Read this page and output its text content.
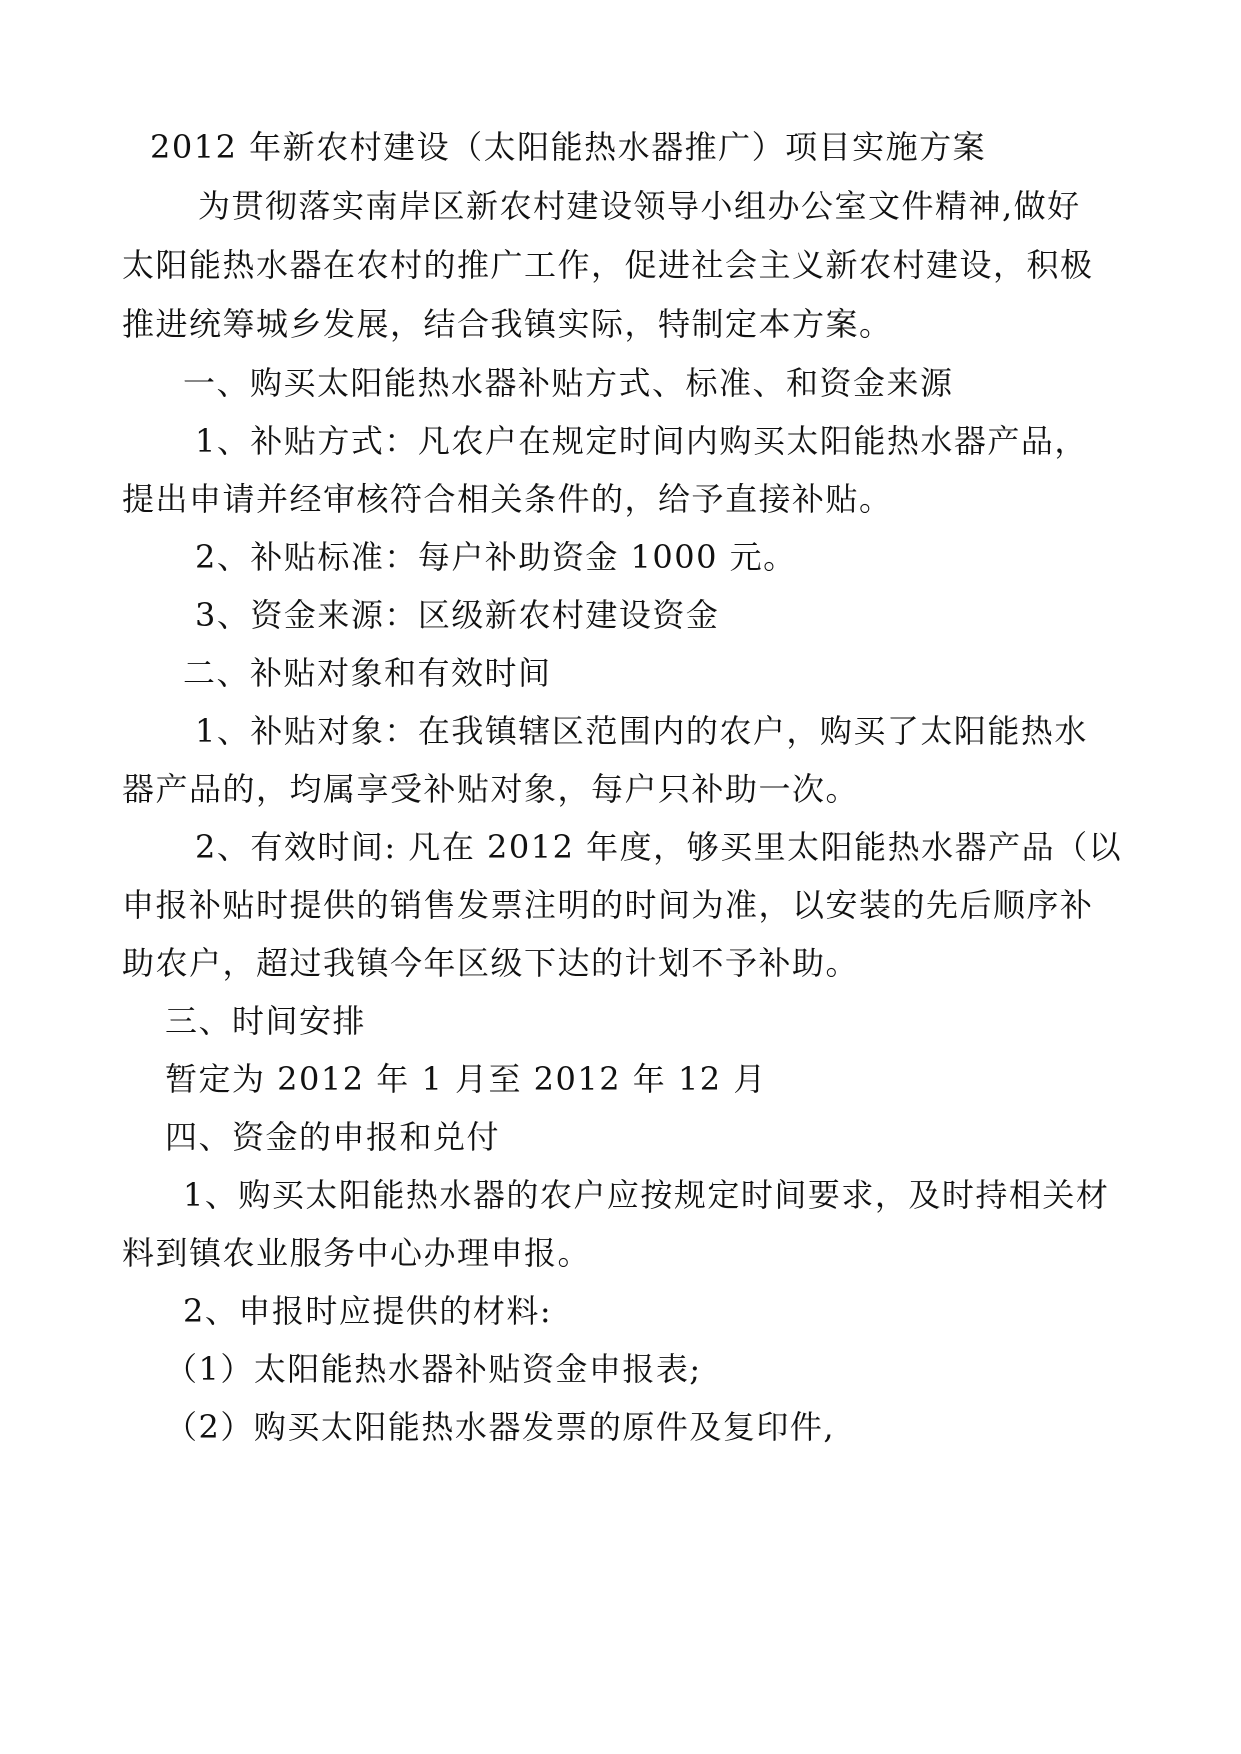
2012 年新农村建设（太阳能热水器推广）项目实施方案
为贯彻落实南岸区新农村建设领导小组办公室文件精神,做好
太阳能热水器在农村的推广工作，促进社会主义新农村建设，积极
推进统筹城乡发展，结合我镇实际，特制定本方案。
一、购买太阳能热水器补贴方式、标准、和资金来源
1、补贴方式：凡农户在规定时间内购买太阳能热水器产品，
提出申请并经审核符合相关条件的，给予直接补贴。
2、补贴标准：每户补助资金 1000 元。
3、资金来源：区级新农村建设资金
二、补贴对象和有效时间
1、补贴对象：在我镇辖区范围内的农户，购买了太阳能热水
器产品的，均属享受补贴对象，每户只补助一次。
2、有效时间: 凡在 2012 年度，够买里太阳能热水器产品（以
申报补贴时提供的销售发票注明的时间为准，以安装的先后顺序补
助农户，超过我镇今年区级下达的计划不予补助。
三、时间安排
暂定为 2012 年 1 月至 2012 年 12 月
四、资金的申报和兑付
1、购买太阳能热水器的农户应按规定时间要求，及时持相关材
料到镇农业服务中心办理申报。
2、申报时应提供的材料:
（1）太阳能热水器补贴资金申报表;
（2）购买太阳能热水器发票的原件及复印件,
